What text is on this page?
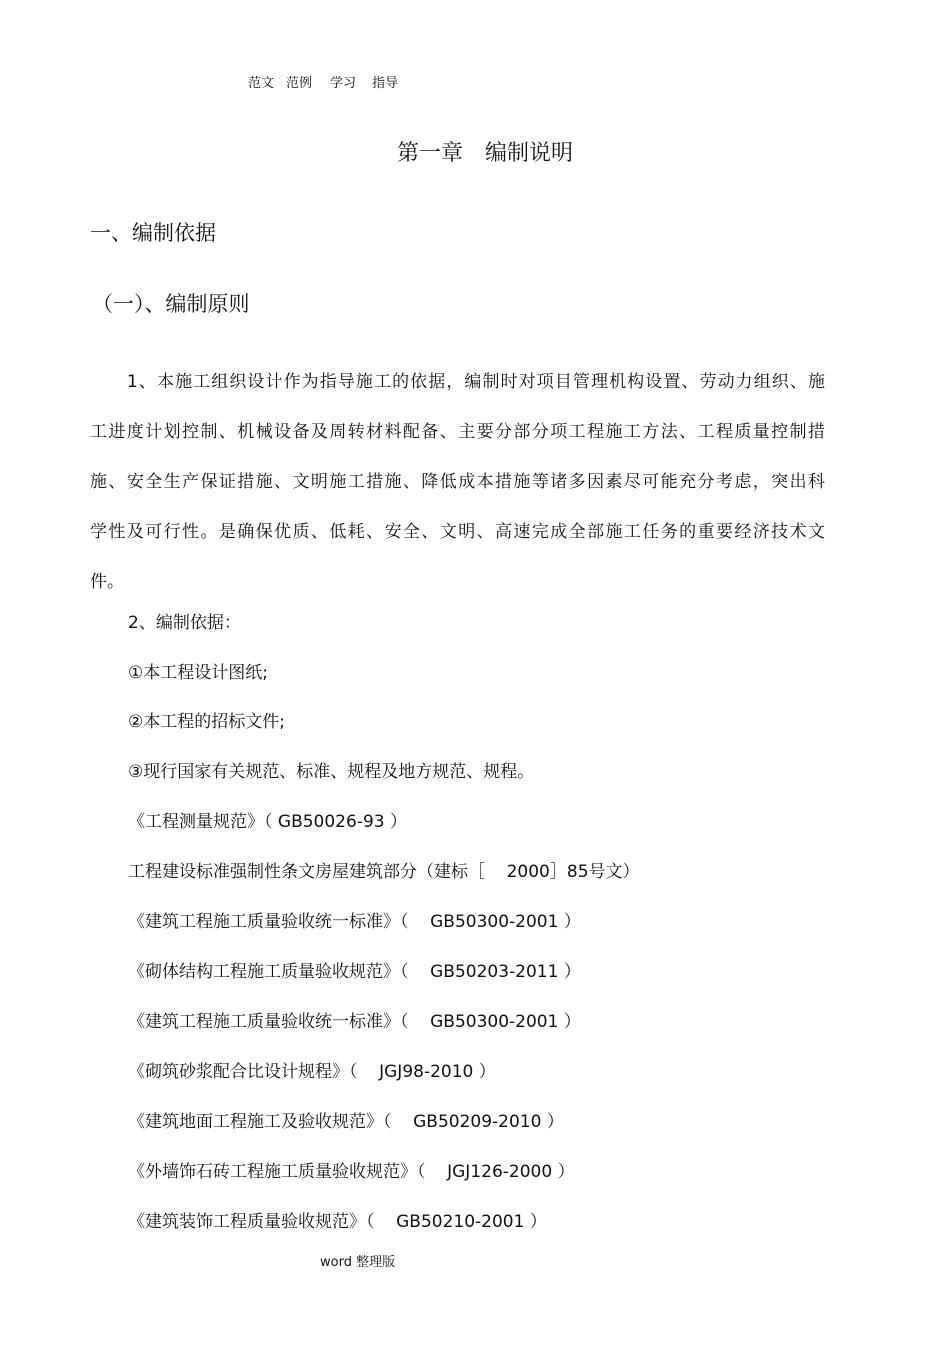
范文 范例 学习 指导
第一章 编制说明
一、编制依据
（一）、编制原则
1、本施工组织设计作为指导施工的依据，编制时对项目管理机构设置、劳动力组织、施
工进度计划控制、机械设备及周转材料配备、主要分部分项工程施工方法、工程质量控制措
施、安全生产保证措施、文明施工措施、降低成本措施等诸多因素尽可能充分考虑，突出科
学性及可行性。是确保优质、低耗、安全、文明、高速完成全部施工任务的重要经济技术文
件。
2、编制依据：
①本工程设计图纸;
②本工程的招标文件;
③现行国家有关规范、标准、规程及地方规范、规程。
《工程测量规范》（ GB50026-93 ）
工程建设标准强制性条文房屋建筑部分（建标［    2000］85号文）
《建筑工程施工质量验收统一标准》（    GB50300-2001 ）
《砌体结构工程施工质量验收规范》（    GB50203-2011 ）
《建筑工程施工质量验收统一标准》（    GB50300-2001 ）
《砌筑砂浆配合比设计规程》（    JGJ98-2010 ）
《建筑地面工程施工及验收规范》（    GB50209-2010 ）
《外墙饰石砖工程施工质量验收规范》（    JGJ126-2000 ）
《建筑装饰工程质量验收规范》（    GB50210-2001 ）
word 整理版
